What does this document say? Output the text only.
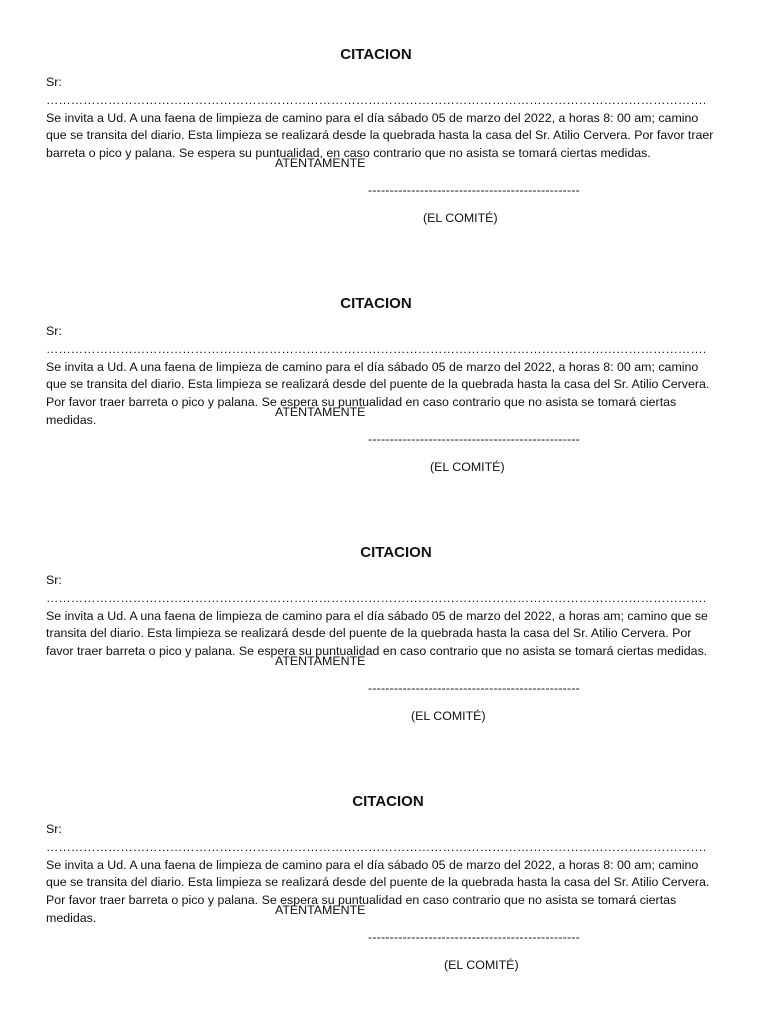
CITACION

Sr: ……………………………………………………………………………………………………………………………………………. Se invita a Ud. A una faena de limpieza de camino para el día sábado 05 de marzo del 2022, a horas 8: 00 am; camino que se transita del diario. Esta limpieza se realizará desde la quebrada hasta la casa del Sr. Atilio Cervera. Por favor traer barreta o pico y palana. Se espera su puntualidad, en caso contrario que no asista se tomará ciertas medidas.

ATENTAMENTE
-------------------------------------------------
(EL COMITÉ)
CITACION

Sr: ……………………………………………………………………………………………………………………………………………. Se invita a Ud. A una faena de limpieza de camino para el día sábado 05 de marzo del 2022, a horas 8: 00 am; camino que se transita del diario. Esta limpieza se realizará desde del puente de la quebrada hasta la casa del Sr. Atilio Cervera. Por favor traer barreta o pico y palana. Se espera su puntualidad en caso contrario que no asista se tomará ciertas medidas.

ATENTAMENTE
-------------------------------------------------
(EL COMITÉ)
CITACION

Sr: ……………………………………………………………………………………………………………………………………………. Se invita a Ud. A una faena de limpieza de camino para el día sábado 05 de marzo del 2022, a horas am; camino que se transita del diario. Esta limpieza se realizará desde del puente de la quebrada hasta la casa del Sr. Atilio Cervera. Por favor traer barreta o pico y palana. Se espera su puntualidad en caso contrario que no asista se tomará ciertas medidas.

ATENTAMENTE
-------------------------------------------------
(EL COMITÉ)
CITACION

Sr: ……………………………………………………………………………………………………………………………………………. Se invita a Ud. A una faena de limpieza de camino para el día sábado 05 de marzo del 2022, a horas 8: 00 am; camino que se transita del diario. Esta limpieza se realizará desde del puente de la quebrada hasta la casa del Sr. Atilio Cervera. Por favor traer barreta o pico y palana. Se espera su puntualidad en caso contrario que no asista se tomará ciertas medidas.

ATENTAMENTE
-------------------------------------------------
(EL COMITÉ)
